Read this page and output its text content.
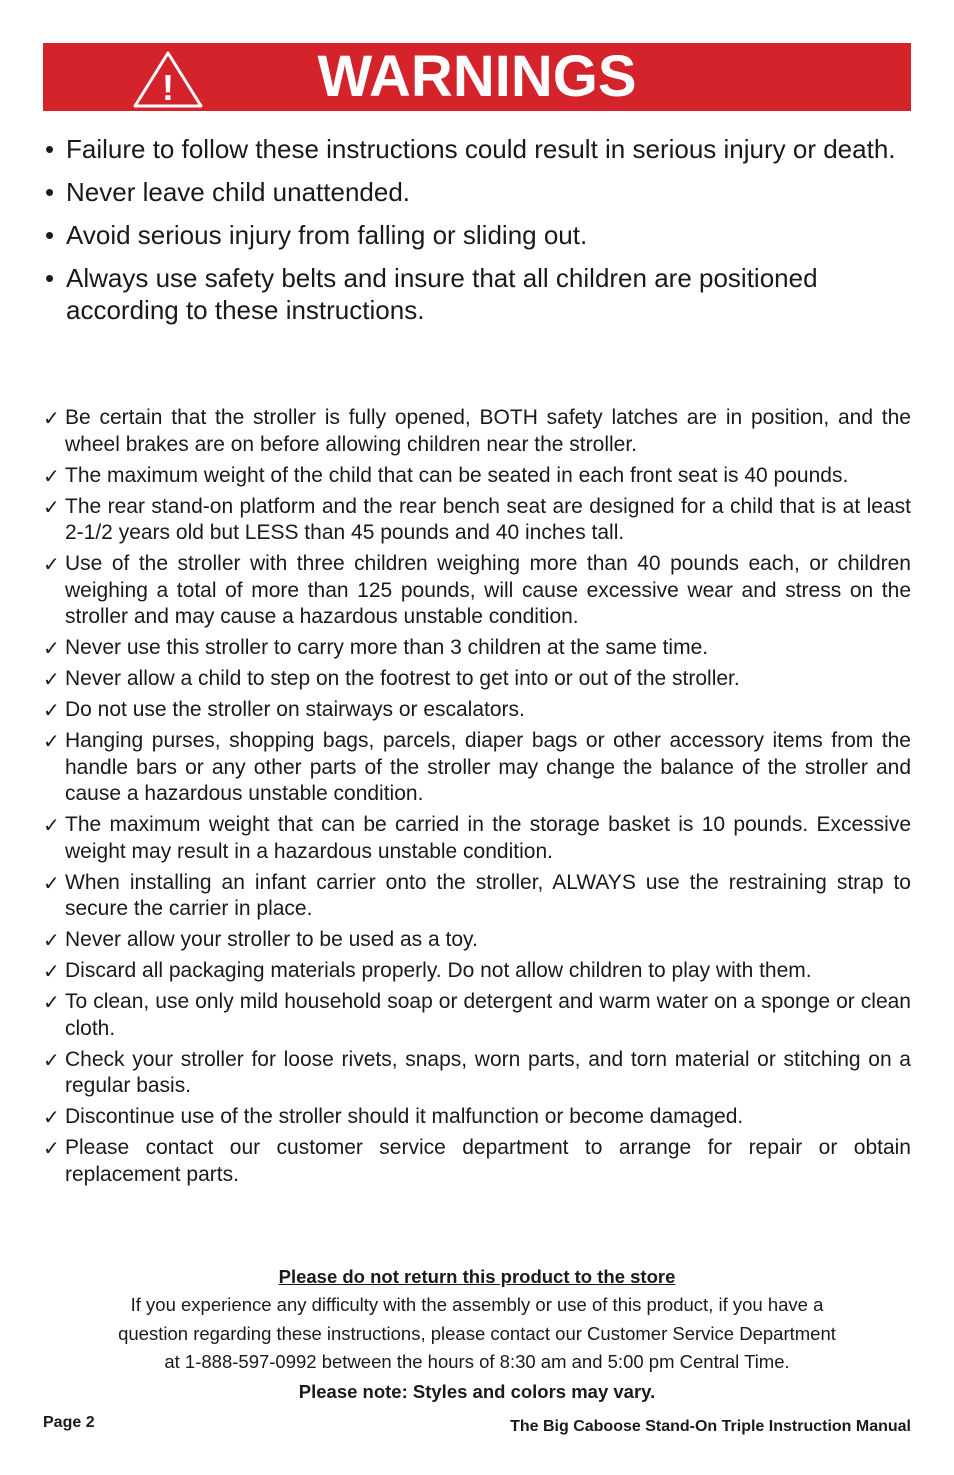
!	WARNINGS
• Failure to follow these instructions could result in serious injury or death.
• Never leave child unattended.
• Avoid serious injury from falling or sliding out.
• Always use safety belts and insure that all children are positioned according to these instructions.
✓ Be certain that the stroller is fully opened, BOTH safety latches are in position, and the wheel brakes are on before allowing children near the stroller.
✓ The maximum weight of the child that can be seated in each front seat is 40 pounds.
✓ The rear stand-on platform and the rear bench seat are designed for a child that is at least 2-1/2 years old but LESS than 45 pounds and 40 inches tall.
✓ Use of the stroller with three children weighing more than 40 pounds each, or children weighing a total of more than 125 pounds, will cause excessive wear and stress on the stroller and may cause a hazardous unstable condition.
✓ Never use this stroller to carry more than 3 children at the same time.
✓ Never allow a child to step on the footrest to get into or out of the stroller.
✓ Do not use the stroller on stairways or escalators.
✓ Hanging purses, shopping bags, parcels, diaper bags or other accessory items from the handle bars or any other parts of the stroller may change the balance of the stroller and cause a hazardous unstable condition.
✓ The maximum weight that can be carried in the storage basket is 10 pounds. Excessive weight may result in a hazardous unstable condition.
✓ When installing an infant carrier onto the stroller, ALWAYS use the restraining strap to secure the carrier in place.
✓ Never allow your stroller to be used as a toy.
✓ Discard all packaging materials properly. Do not allow children to play with them.
✓ To clean, use only mild household soap or detergent and warm water on a sponge or clean cloth.
✓ Check your stroller for loose rivets, snaps, worn parts, and torn material or stitching on a regular basis.
✓ Discontinue use of the stroller should it malfunction or become damaged.
✓ Please contact our customer service department to arrange for repair or obtain replacement parts.
Please do not return this product to the store
If you experience any difficulty with the assembly or use of this product, if you have a
question regarding these instructions, please contact our Customer Service Department
at 1-888-597-0992 between the hours of 8:30 am and 5:00 pm Central Time.
Please note: Styles and colors may vary.
Page 2	The Big Caboose Stand-On Triple Instruction Manual
